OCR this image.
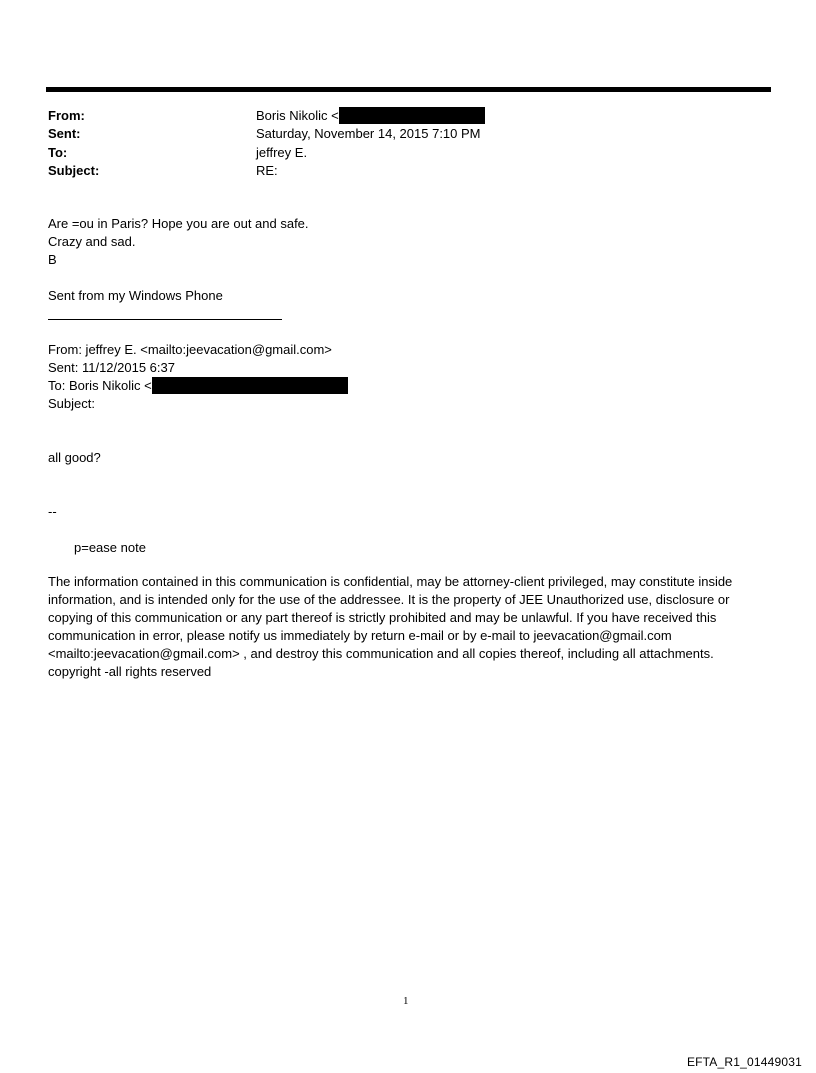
From:	Boris Nikolic <
Sent:	Saturday, November 14, 2015 7:10 PM
To:	jeffrey E.
Subject:	RE:
Are =ou in Paris? Hope you are out and safe.
Crazy and sad.
B
Sent from my Windows Phone
From: jeffrey E. <mailto:jeevacation@gmail.com>
Sent: 11/12/2015 6:37
To: Boris Nikolic <
Subject:
all good?
--
p=ease note
The information contained in this communication is confidential, may be attorney-client privileged, may constitute inside information, and is intended only for the use of the addressee. It is the property of JEE Unauthorized use, disclosure or copying of this communication or any part thereof is strictly prohibited and may be unlawful. If you have received this communication in error, please notify us immediately by return e-mail or by e-mail to jeevacation@gmail.com <mailto:jeevacation@gmail.com> , and destroy this communication and all copies thereof, including all attachments. copyright -all rights reserved
1
EFTA_R1_01449031
